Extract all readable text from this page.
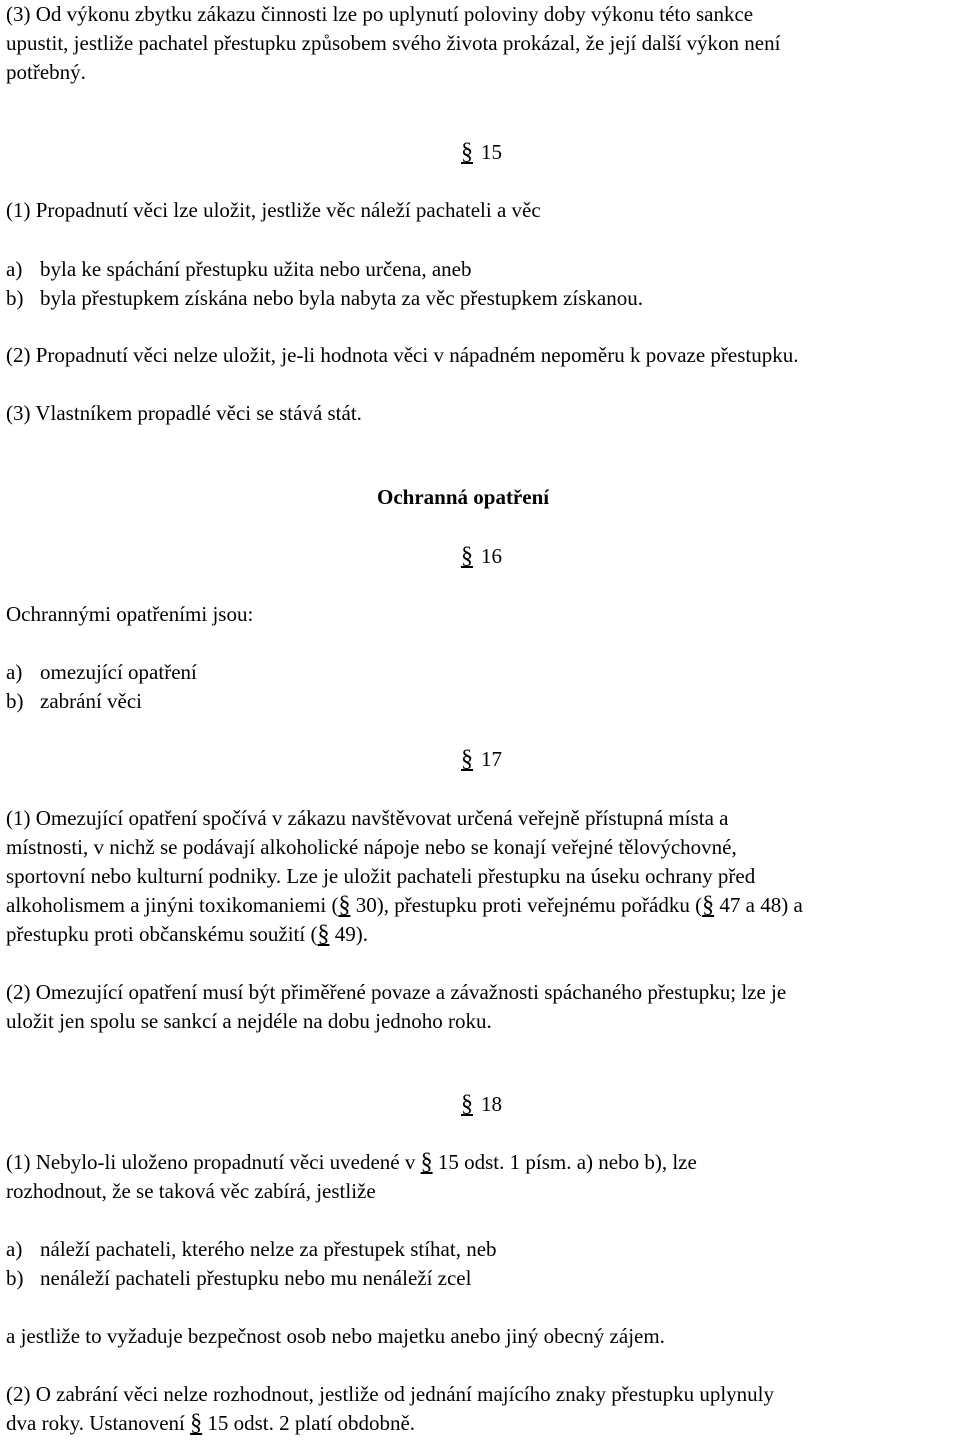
(3) Od výkonu zbytku zákazu činnosti lze po uplynutí poloviny doby výkonu této sankce
upustit, jestliže pachatel přestupku způsobem svého života prokázal, že její další výkon není
potřebný.
§ 15
(1) Propadnutí věci lze uložit, jestliže věc náleží pachateli a věc
a) byla ke spáchání přestupku užita nebo určena, aneb
b) byla přestupkem získána nebo byla nabyta za věc přestupkem získanou.
(2) Propadnutí věci nelze uložit, je-li hodnota věci v nápadném nepoměru k povaze přestupku.
(3) Vlastníkem propadlé věci se stává stát.
Ochranná opatření
§ 16
Ochrannými opatřeními jsou:
a) omezující opatření
b) zabrání věci
§ 17
(1) Omezující opatření spočívá v zákazu navštěvovat určená veřejně přístupná místa a
místnosti, v nichž se podávají alkoholické nápoje nebo se konají veřejné tělovýchovné,
sportovní nebo kulturní podniky. Lze je uložit pachateli přestupku na úseku ochrany před
alkoholismem a jinýni toxikomaniemi (§ 30), přestupku proti veřejnému pořádku (§ 47 a 48) a
přestupku proti občanskému soužití (§ 49).
(2) Omezující opatření musí být přiměřené povaze a závažnosti spáchaného přestupku; lze je
uložit jen spolu se sankcí a nejdéle na dobu jednoho roku.
§ 18
(1) Nebylo-li uloženo propadnutí věci uvedené v § 15 odst. 1 písm. a) nebo b), lze
rozhodnout, že se taková věc zabírá, jestliže
a) náleží pachateli, kterého nelze za přestupek stíhat, neb
b) nenáleží pachateli přestupku nebo mu nenáleží zcel
a jestliže to vyžaduje bezpečnost osob nebo majetku anebo jiný obecný zájem.
(2) O zabrání věci nelze rozhodnout, jestliže od jednání majícího znaky přestupku uplynuly
dva roky. Ustanovení § 15 odst. 2 platí obdobně.
